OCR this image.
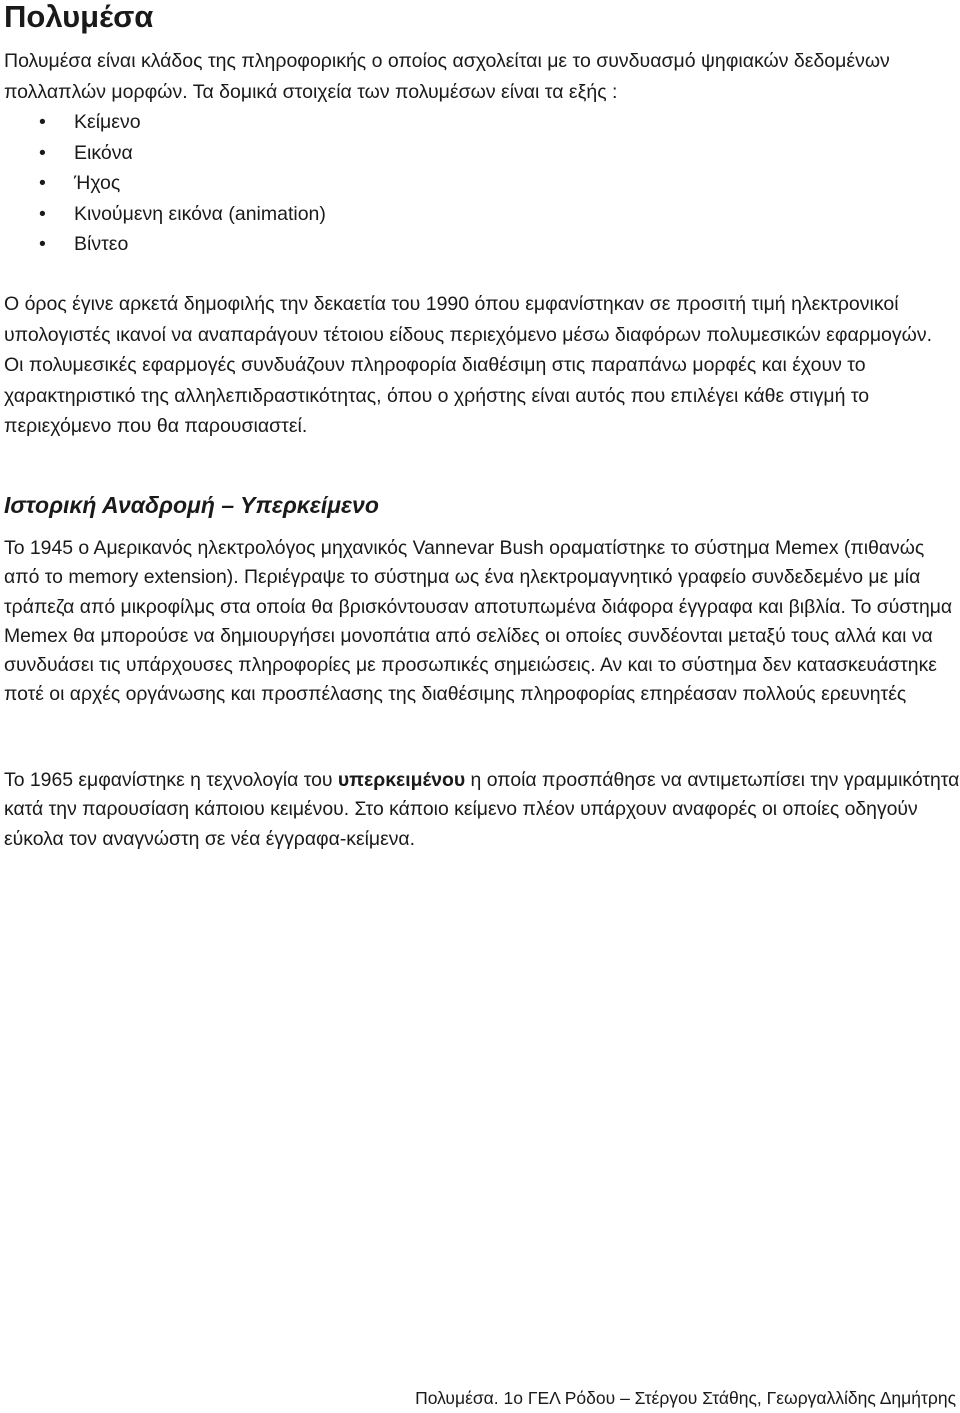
Πολυμέσα

Πολυμέσα είναι κλάδος της πληροφορικής ο οποίος ασχολείται με το συνδυασμό ψηφιακών δεδομένων πολλαπλών μορφών. Τα δομικά στοιχεία των πολυμέσων είναι τα εξής :

• Κείμενο
• Εικόνα
• Ήχος
• Κινούμενη εικόνα (animation)
• Βίντεο

Ο όρος έγινε αρκετά δημοφιλής την δεκαετία του 1990 όπου εμφανίστηκαν σε προσιτή τιμή ηλεκτρονικοί υπολογιστές ικανοί να αναπαράγουν τέτοιου είδους περιεχόμενο μέσω διαφόρων πολυμεσικών εφαρμογών. Οι πολυμεσικές εφαρμογές συνδυάζουν πληροφορία διαθέσιμη στις παραπάνω μορφές και έχουν το χαρακτηριστικό της αλληλεπιδραστικότητας, όπου ο χρήστης είναι αυτός που επιλέγει κάθε στιγμή το περιεχόμενο που θα παρουσιαστεί.

Ιστορική Αναδρομή – Υπερκείμενο

Το 1945 ο Αμερικανός ηλεκτρολόγος μηχανικός Vannevar Bush οραματίστηκε το σύστημα Memex (πιθανώς από το memory extension). Περιέγραψε το σύστημα ως ένα ηλεκτρομαγνητικό γραφείο συνδεδεμένο με μία τράπεζα από μικροφίλμς στα οποία θα βρισκόντουσαν αποτυπωμένα διάφορα έγγραφα και βιβλία. Το σύστημα Memex θα μπορούσε να δημιουργήσει μονοπάτια από σελίδες οι οποίες συνδέονται μεταξύ τους αλλά και να συνδυάσει τις υπάρχουσες πληροφορίες με προσωπικές σημειώσεις. Αν και το σύστημα δεν κατασκευάστηκε ποτέ οι αρχές οργάνωσης και προσπέλασης της διαθέσιμης πληροφορίας επηρέασαν πολλούς ερευνητές

Το 1965 εμφανίστηκε η τεχνολογία του υπερκειμένου η οποία προσπάθησε να αντιμετωπίσει την γραμμικότητα κατά την παρουσίαση κάποιου κειμένου. Στο κάποιο κείμενο πλέον υπάρχουν αναφορές οι οποίες οδηγούν εύκολα τον αναγνώστη σε νέα έγγραφα-κείμενα.

Πολυμέσα. 1ο ΓΕΛ Ρόδου – Στέργου Στάθης, Γεωργαλλίδης Δημήτρης
